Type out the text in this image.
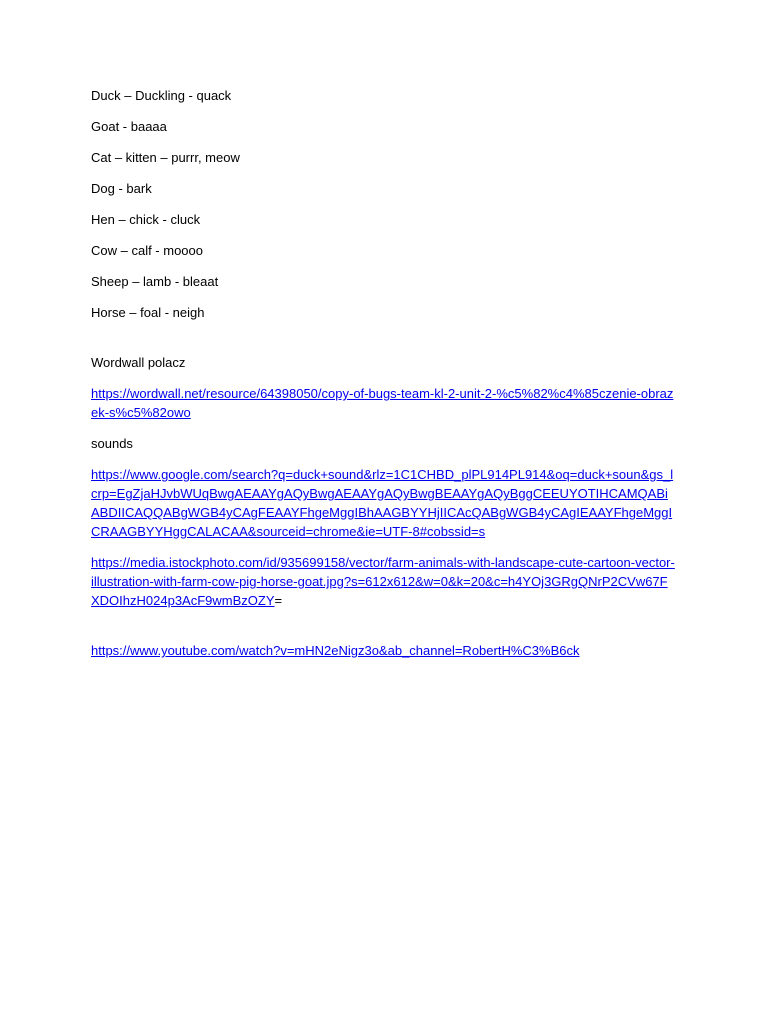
Duck – Duckling - quack
Goat - baaaa
Cat – kitten – purrr, meow
Dog - bark
Hen – chick - cluck
Cow – calf - moooo
Sheep – lamb - bleaat
Horse – foal - neigh
Wordwall polacz
https://wordwall.net/resource/64398050/copy-of-bugs-team-kl-2-unit-2-%c5%82%c4%85czenie-obrazek-s%c5%82owo
sounds
https://www.google.com/search?q=duck+sound&rlz=1C1CHBD_plPL914PL914&oq=duck+soun&gs_lcrp=EgZjaHJvbWUqBwgAEAAYgAQyBwgAEAAYgAQyBwgBEAAYgAQyBggCEEUYOTIHCAMQABiABDIICAQQABgWGB4yCAgFEAAYFhgeMggIBhAAGBYYHjIICAcQABgWGB4yCAgIEAAYFhgeMggICRAAGBYYHggCALACAA&sourceid=chrome&ie=UTF-8#cobssid=s
https://media.istockphoto.com/id/935699158/vector/farm-animals-with-landscape-cute-cartoon-vector-illustration-with-farm-cow-pig-horse-goat.jpg?s=612x612&w=0&k=20&c=h4YOj3GRgQNrP2CVw67FXDOIhzH024p3AcF9wmBzOZY=
https://www.youtube.com/watch?v=mHN2eNigz3o&ab_channel=RobertH%C3%B6ck
